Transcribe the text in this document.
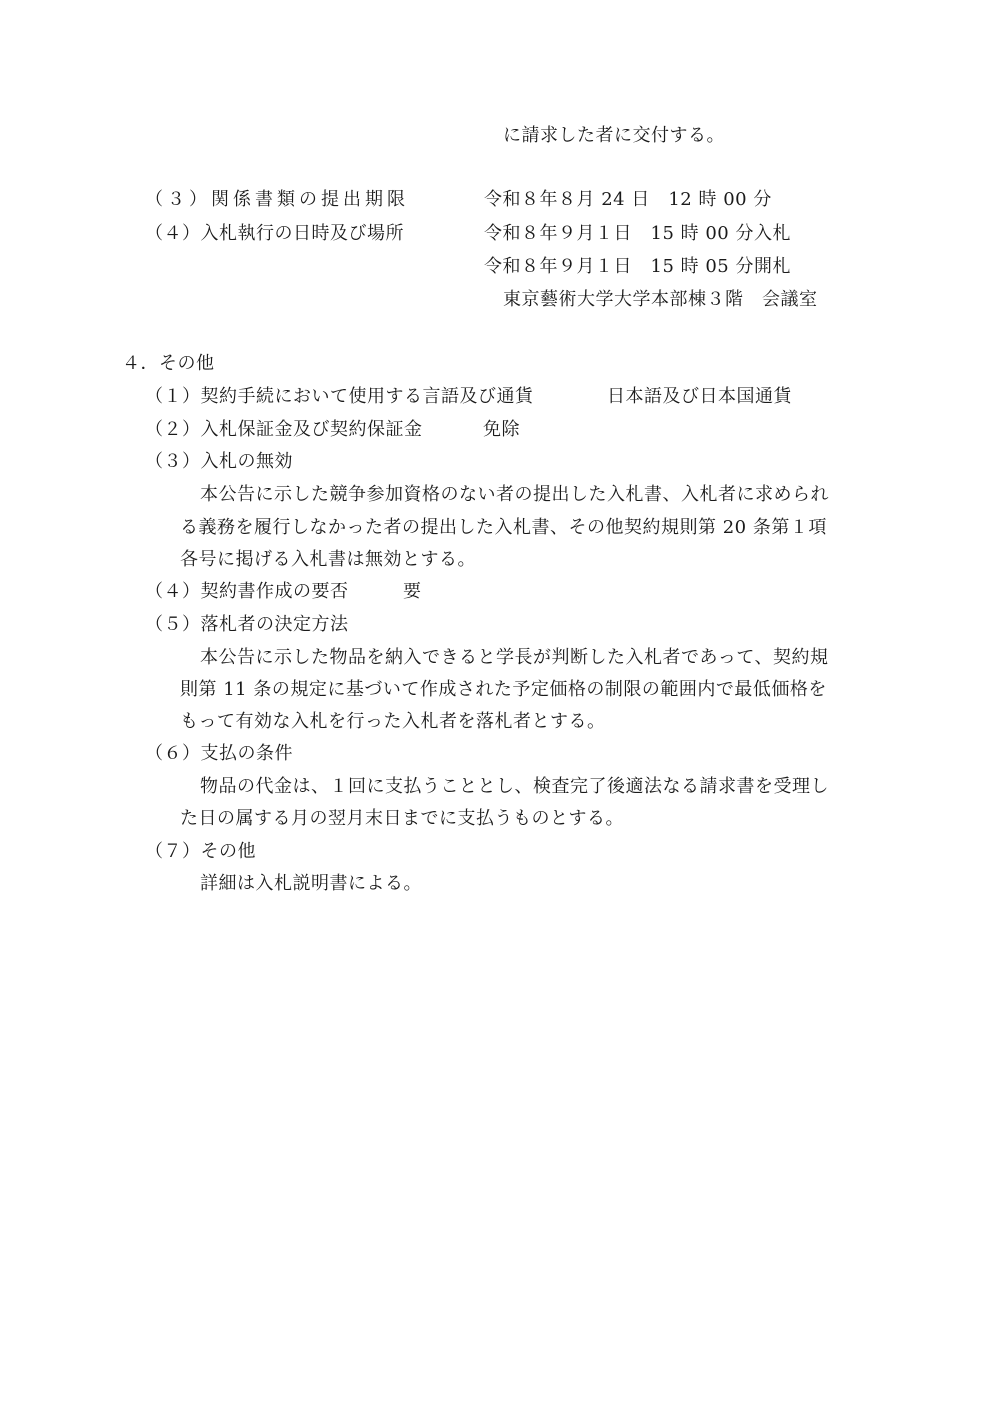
に請求した者に交付する。
（３）関係書類の提出期限	令和８年８月 24 日　12 時 00 分
（４）入札執行の日時及び場所	令和８年９月１日　15 時 00 分入札
令和８年９月１日　15 時 05 分開札
東京藝術大学大学本部棟３階　会議室
４．その他
（１）契約手続において使用する言語及び通貨	日本語及び日本国通貨
（２）入札保証金及び契約保証金	免除
（３）入札の無効
本公告に示した競争参加資格のない者の提出した入札書、入札者に求められ
る義務を履行しなかった者の提出した入札書、その他契約規則第 20 条第１項
各号に掲げる入札書は無効とする。
（４）契約書作成の要否	要
（５）落札者の決定方法
本公告に示した物品を納入できると学長が判断した入札者であって、契約規
則第 11 条の規定に基づいて作成された予定価格の制限の範囲内で最低価格を
もって有効な入札を行った入札者を落札者とする。
（６）支払の条件
物品の代金は、１回に支払うこととし、検査完了後適法なる請求書を受理し
た日の属する月の翌月末日までに支払うものとする。
（７）その他
詳細は入札説明書による。
